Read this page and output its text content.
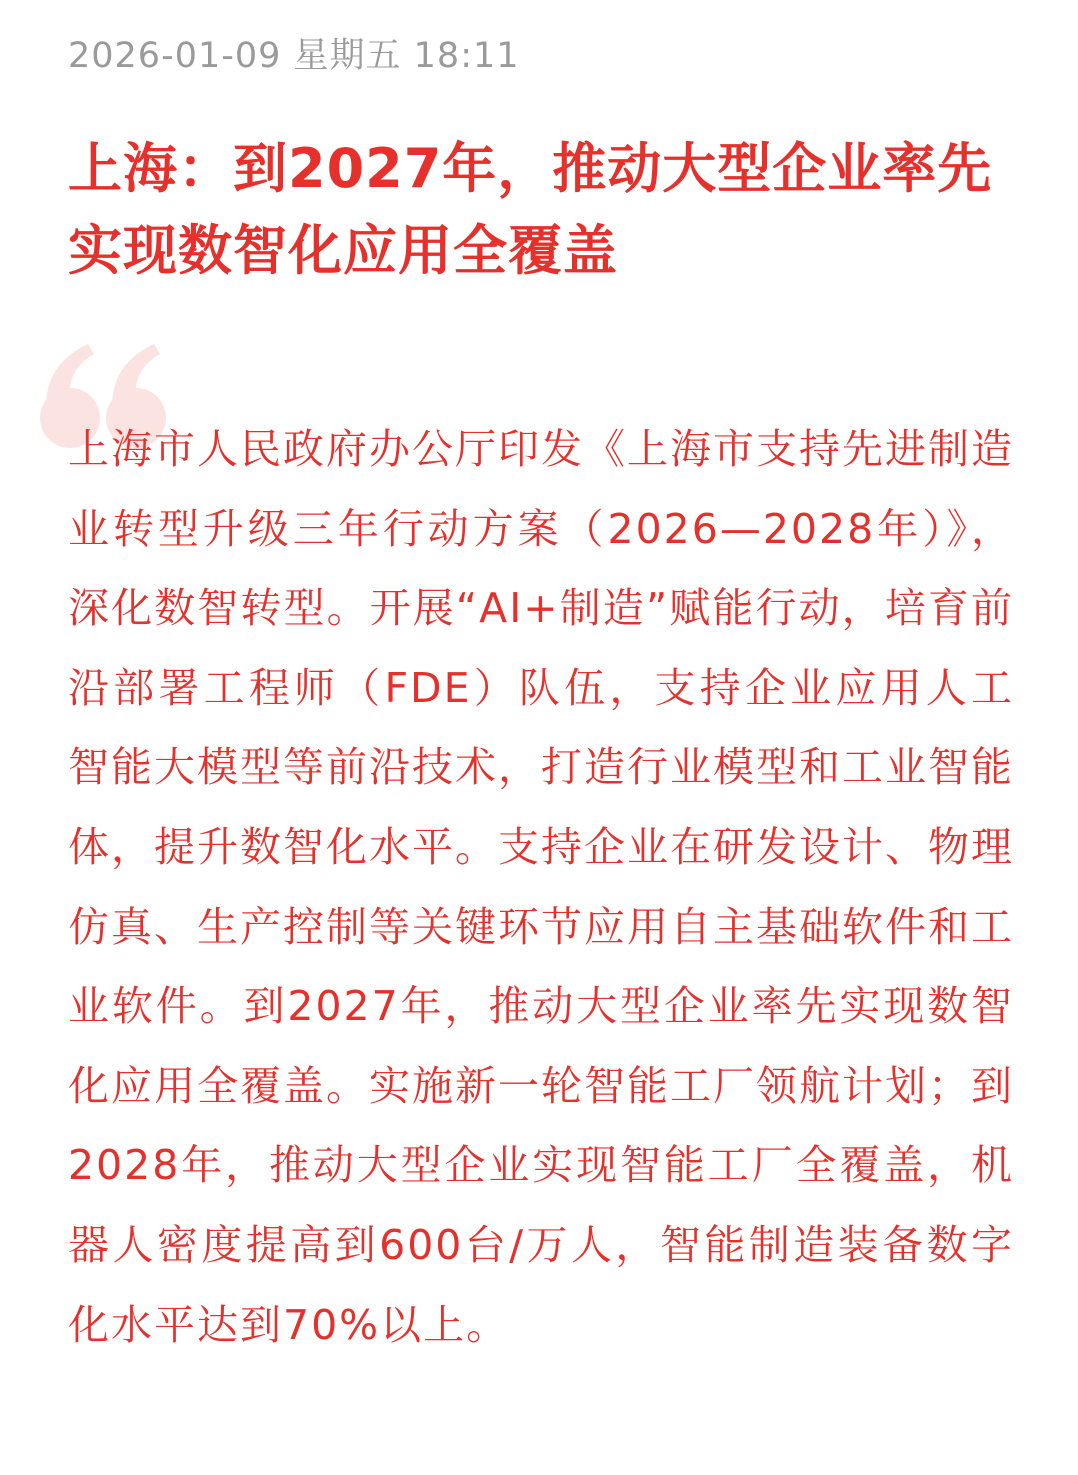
2026-01-09 星期五 18:11
上海：到2027年，推动大型企业率先实现数智化应用全覆盖

上海市人民政府办公厅印发《上海市支持先进制造业转型升级三年行动方案（2026—2028年）》，深化数智转型。开展“AI+制造”赋能行动，培育前沿部署工程师（FDE）队伍，支持企业应用人工智能大模型等前沿技术，打造行业模型和工业智能体，提升数智化水平。支持企业在研发设计、物理仿真、生产控制等关键环节应用自主基础软件和工业软件。到2027年，推动大型企业率先实现数智化应用全覆盖。实施新一轮智能工厂领航计划；到2028年，推动大型企业实现智能工厂全覆盖，机器人密度提高到600台/万人，智能制造装备数字化水平达到70%以上。
